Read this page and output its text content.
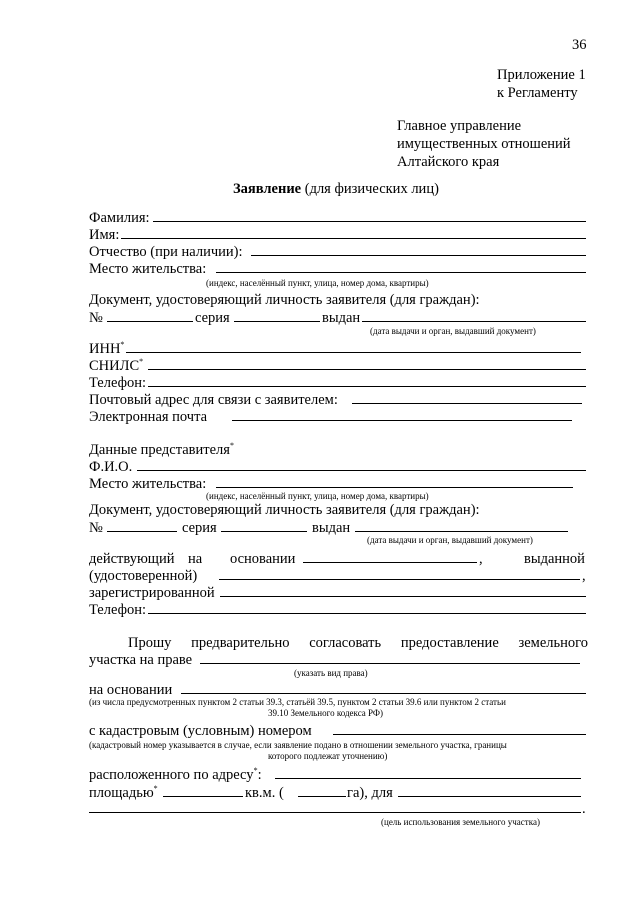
36
Приложение 1
к Регламенту
Главное управление
имущественных отношений
Алтайского края
Заявление (для физических лиц)
Фамилия:
Имя:
Отчество (при наличии):
Место жительства:
(индекс, населённый пункт, улица, номер дома, квартиры)
Документ, удостоверяющий личность заявителя (для граждан):
№	серия	выдан
(дата выдачи и орган, выдавший документ)
ИНН*
СНИЛС*
Телефон:
Почтовый адрес для связи с заявителем:
Электронная почта
Данные представителя*
Ф.И.О.
Место жительства:
(индекс, населённый пункт, улица, номер дома, квартиры)
Документ, удостоверяющий личность заявителя (для граждан):
№	серия	выдан
(дата выдачи и орган, выдавший документ)
действующий на основании	,	выданной
(удостоверенной)	,
зарегистрированной
Телефон:
Прошу предварительно согласовать предоставление земельного
участка на праве
(указать вид права)
на основании
(из числа предусмотренных пунктом 2 статьи 39.3, статьёй 39.5, пунктом 2 статьи 39.6 или пунктом 2 статьи
39.10 Земельного кодекса РФ)
с кадастровым (условным) номером
(кадастровый номер указывается в случае, если заявление подано в отношении земельного участка, границы
которого подлежат уточнению)
расположенного по адресу*:
площадью*	кв.м. (	га), для
.
(цель использования земельного участка)
